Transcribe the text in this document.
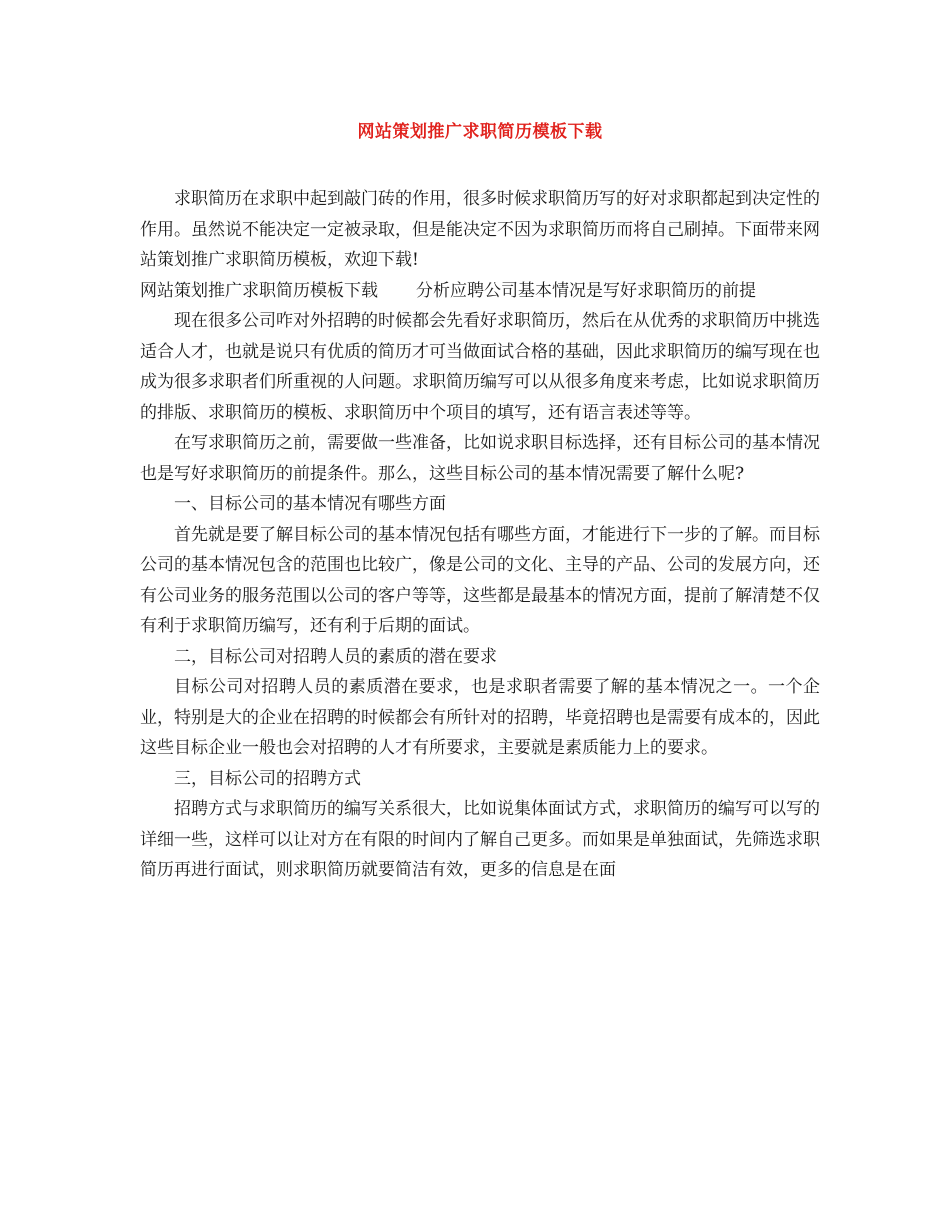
网站策划推广求职简历模板下载

求职简历在求职中起到敲门砖的作用，很多时候求职简历写的好对求职都起到决定性的作用。虽然说不能决定一定被录取，但是能决定不因为求职简历而将自己刷掉。下面带来网站策划推广求职简历模板，欢迎下载!

网站策划推广求职简历模板下载 分析应聘公司基本情况是写好求职简历的前提

现在很多公司咋对外招聘的时候都会先看好求职简历，然后在从优秀的求职简历中挑选适合人才，也就是说只有优质的简历才可当做面试合格的基础，因此求职简历的编写现在也成为很多求职者们所重视的人问题。求职简历编写可以从很多角度来考虑，比如说求职简历的排版、求职简历的模板、求职简历中个项目的填写，还有语言表述等等。

在写求职简历之前，需要做一些准备，比如说求职目标选择，还有目标公司的基本情况也是写好求职简历的前提条件。那么，这些目标公司的基本情况需要了解什么呢?

一、目标公司的基本情况有哪些方面

首先就是要了解目标公司的基本情况包括有哪些方面，才能进行下一步的了解。而目标公司的基本情况包含的范围也比较广，像是公司的文化、主导的产品、公司的发展方向，还有公司业务的服务范围以公司的客户等等，这些都是最基本的情况方面，提前了解清楚不仅有利于求职简历编写，还有利于后期的面试。

二，目标公司对招聘人员的素质的潜在要求

目标公司对招聘人员的素质潜在要求，也是求职者需要了解的基本情况之一。一个企业，特别是大的企业在招聘的时候都会有所针对的招聘，毕竟招聘也是需要有成本的，因此这些目标企业一般也会对招聘的人才有所要求，主要就是素质能力上的要求。

三，目标公司的招聘方式

招聘方式与求职简历的编写关系很大，比如说集体面试方式，求职简历的编写可以写的详细一些，这样可以让对方在有限的时间内了解自己更多。而如果是单独面试，先筛选求职简历再进行面试，则求职简历就要简洁有效，更多的信息是在面
